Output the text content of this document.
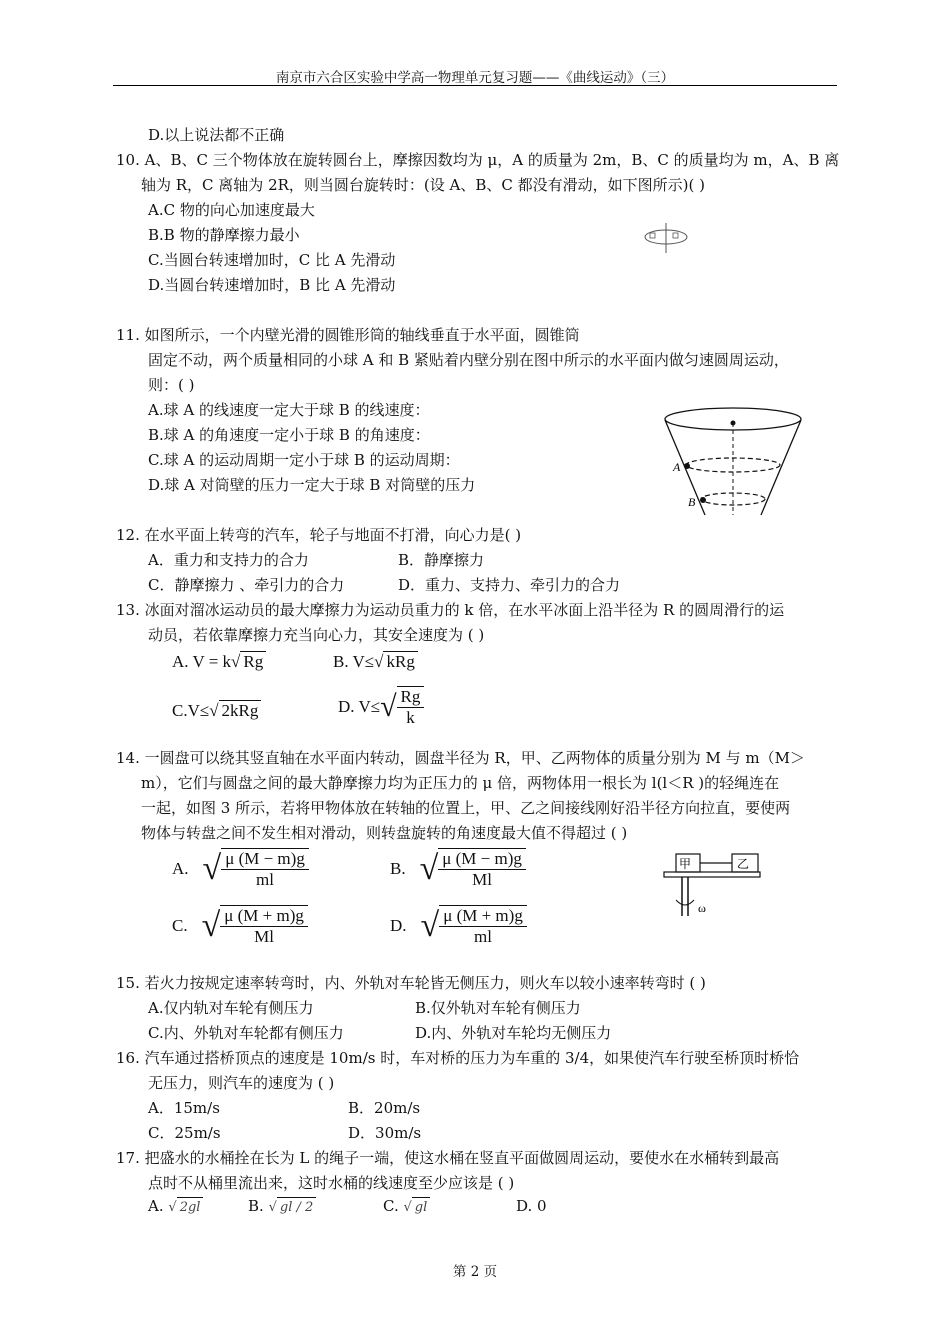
南京市六合区实验中学高一物理单元复习题——《曲线运动》（三）
D.以上说法都不正确
10. A、B、C 三个物体放在旋转圆台上，摩擦因数均为 μ，A 的质量为 2m，B、C 的质量均为 m，A、B 离
轴为 R，C 离轴为 2R，则当圆台旋转时：(设 A、B、C 都没有滑动，如下图所示)( )
A.C 物的向心加速度最大
B.B 物的静摩擦力最小
C.当圆台转速增加时，C 比 A 先滑动
D.当圆台转速增加时，B 比 A 先滑动
11. 如图所示，一个内壁光滑的圆锥形筒的轴线垂直于水平面，圆锥筒
固定不动，两个质量相同的小球 A 和 B 紧贴着内壁分别在图中所示的水平面内做匀速圆周运动，
则：( )
A.球 A 的线速度一定大于球 B 的线速度：
B.球 A 的角速度一定小于球 B 的角速度：
C.球 A 的运动周期一定小于球 B 的运动周期：
D.球 A 对筒壁的压力一定大于球 B 对筒壁的压力
A
B
12. 在水平面上转弯的汽车，轮子与地面不打滑，向心力是( )
A．重力和支持力的合力	B．静摩擦力
C．静摩擦力 、牵引力的合力	D．重力、支持力、牵引力的合力
13. 冰面对溜冰运动员的最大摩擦力为运动员重力的 k 倍，在水平冰面上沿半径为 R 的圆周滑行的运
动员，若依靠摩擦力充当向心力，其安全速度为 ( )
A. V = k√ Rg	B. V≤√ kRg
C.V≤√ 2kRg	D. $V\le√ \frac{Rg}{k}$
14. 一圆盘可以绕其竖直轴在水平面内转动，圆盘半径为 R，甲、乙两物体的质量分别为 M 与 m（M＞
m），它们与圆盘之间的最大静摩擦力均为正压力的 μ 倍，两物体用一根长为 l(l＜R )的轻绳连在
一起，如图 3 所示，若将甲物体放在转轴的位置上，甲、乙之间接线刚好沿半径方向拉直，要使两
物体与转盘之间不发生相对滑动，则转盘旋转的角速度最大值不得超过 ( )
A. √ $\frac{\mu (M - m)g}{ml}$	B. √ $\frac{\mu (M - m)g}{Ml}$
C. √ $\frac{\mu (M + m)g}{Ml}$	D. √ $\frac{\mu (M + m)g}{ml}$
甲	乙
ω
15. 若火力按规定速率转弯时，内、外轨对车轮皆无侧压力，则火车以较小速率转弯时 ( )
A.仅内轨对车轮有侧压力	B.仅外轨对车轮有侧压力
C.内、外轨对车轮都有侧压力	D.内、外轨对车轮均无侧压力
16. 汽车通过搭桥顶点的速度是 10m/s 时，车对桥的压力为车重的 3/4，如果使汽车行驶至桥顶时桥恰
无压力，则汽车的速度为 ( )
A．15m/s	B．20m/s
C．25m/s	D．30m/s
17. 把盛水的水桶拴在长为 L 的绳子一端，使这水桶在竖直平面做圆周运动，要使水在水桶转到最高
点时不从桶里流出来，这时水桶的线速度至少应该是 ( )
A. √ 2gl	B. √ gl / 2	C. √ gl	D. 0
第 2 页
